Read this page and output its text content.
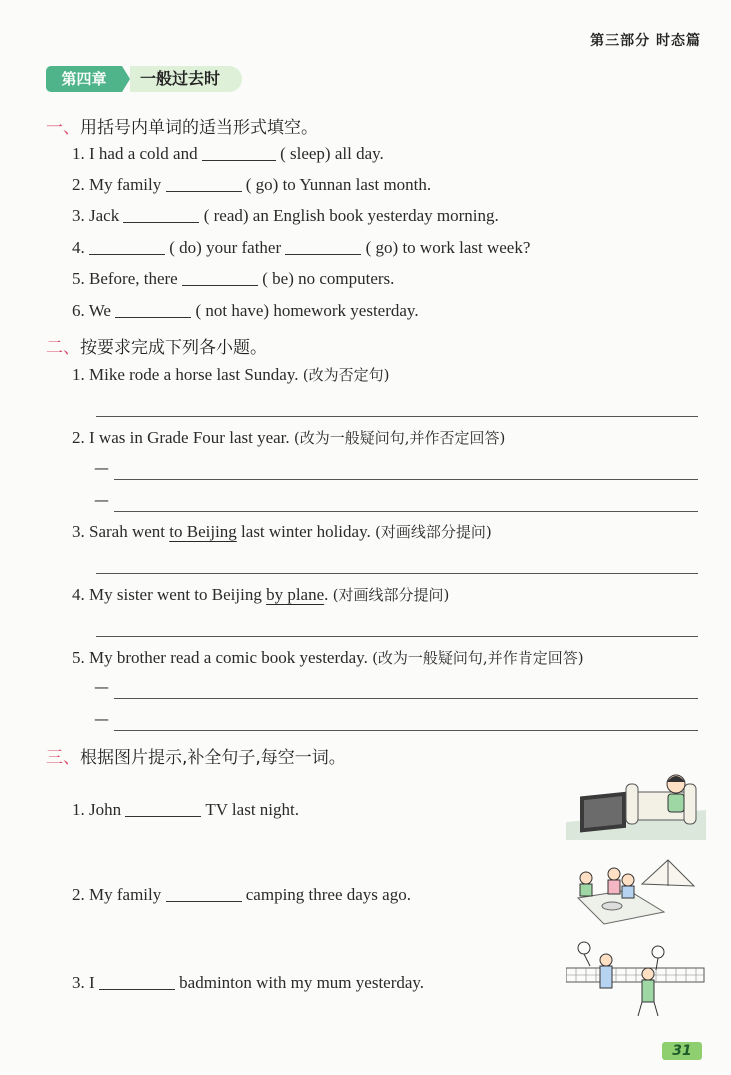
第三部分 时态篇
第四章	一般过去时
一、用括号内单词的适当形式填空。
1. I had a cold and	( sleep) all day.
2. My family	( go) to Yunnan last month.
3. Jack	( read) an English book yesterday morning.
4.	( do) your father	( go) to work last week?
5. Before, there	( be) no computers.
6. We	( not have) homework yesterday.
二、按要求完成下列各小题。
1. Mike rode a horse last Sunday. (改为否定句)
2. I was in Grade Four last year. (改为一般疑问句,并作否定回答)
—
—
3. Sarah went to Beijing last winter holiday. (对画线部分提问)
4. My sister went to Beijing by plane. (对画线部分提问)
5. My brother read a comic book yesterday. (改为一般疑问句,并作肯定回答)
—
—
三、根据图片提示,补全句子,每空一词。
1. John	TV last night.
2. My family	camping three days ago.
3. I	badminton with my mum yesterday.
31
